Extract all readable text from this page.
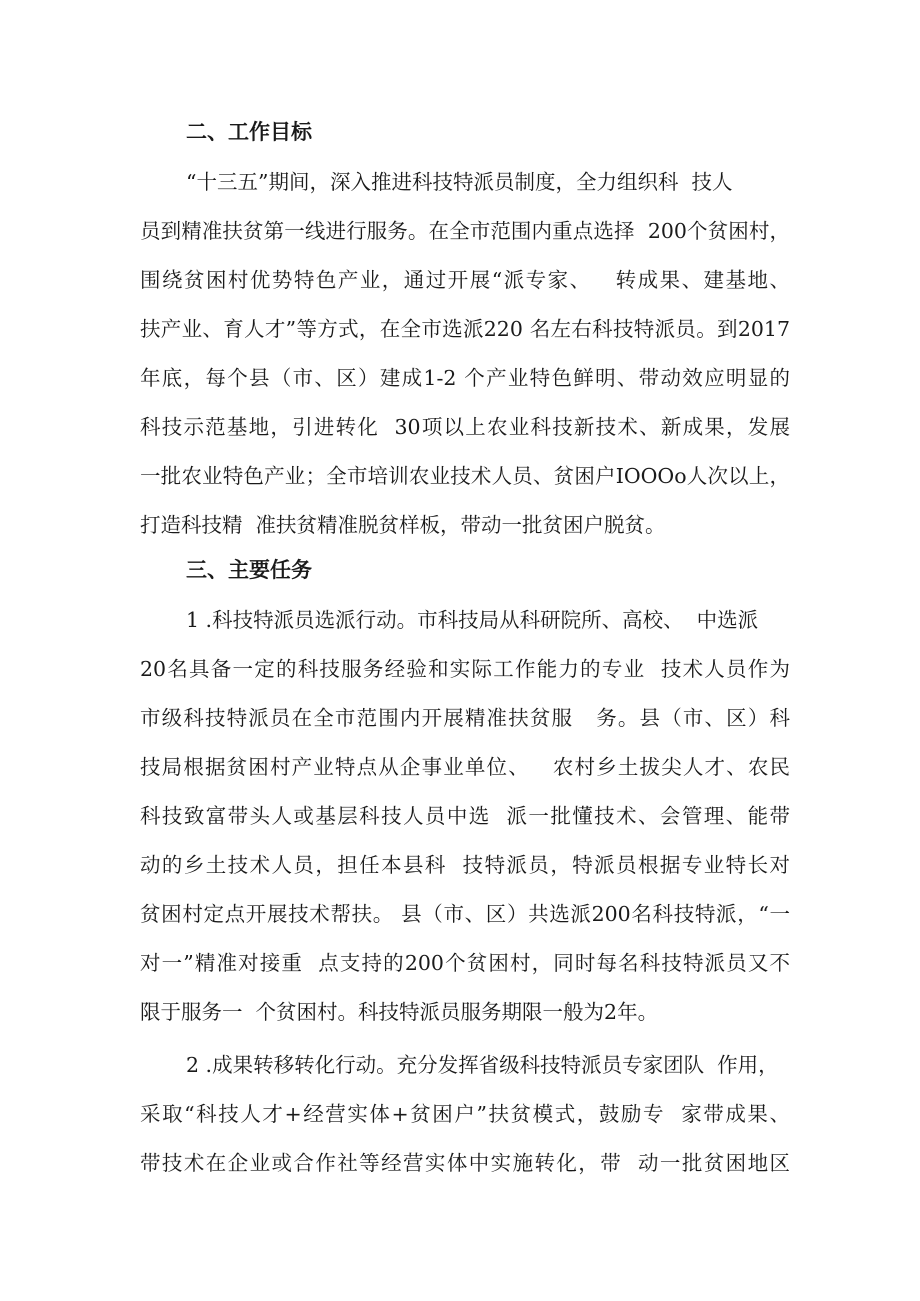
二、工作目标
“十三五”期间，深入推进科技特派员制度，全力组织科  技人
员到精准扶贫第一线进行服务。在全市范围内重点选择  200个贫困村，
围绕贫困村优势特色产业，通过开展“派专家、   转成果、建基地、
扶产业、育人才”等方式，在全市选派220 名左右科技特派员。到2017
年底，每个县（市、区）建成1-2 个产业特色鲜明、带动效应明显的
科技示范基地，引进转化  30项以上农业科技新技术、新成果，发展
一批农业特色产业；全市培训农业技术人员、贫困户IOOOo人次以上，
打造科技精  准扶贫精准脱贫样板，带动一批贫困户脱贫。
三、主要任务
1 .科技特派员选派行动。市科技局从科研院所、高校、  中选派
20名具备一定的科技服务经验和实际工作能力的专业  技术人员作为
市级科技特派员在全市范围内开展精准扶贫服   务。县（市、区）科
技局根据贫困村产业特点从企事业单位、   农村乡土拔尖人才、农民
科技致富带头人或基层科技人员中选  派一批懂技术、会管理、能带
动的乡土技术人员，担任本县科  技特派员，特派员根据专业特长对
贫困村定点开展技术帮扶。 县（市、区）共选派200名科技特派，“一
对一”精准对接重  点支持的200个贫困村，同时每名科技特派员又不
限于服务一  个贫困村。科技特派员服务期限一般为2年。
2 .成果转移转化行动。充分发挥省级科技特派员专家团队  作用，
采取“科技人才+经营实体+贫困户”扶贫模式，鼓励专  家带成果、
带技术在企业或合作社等经营实体中实施转化，带  动一批贫困地区
